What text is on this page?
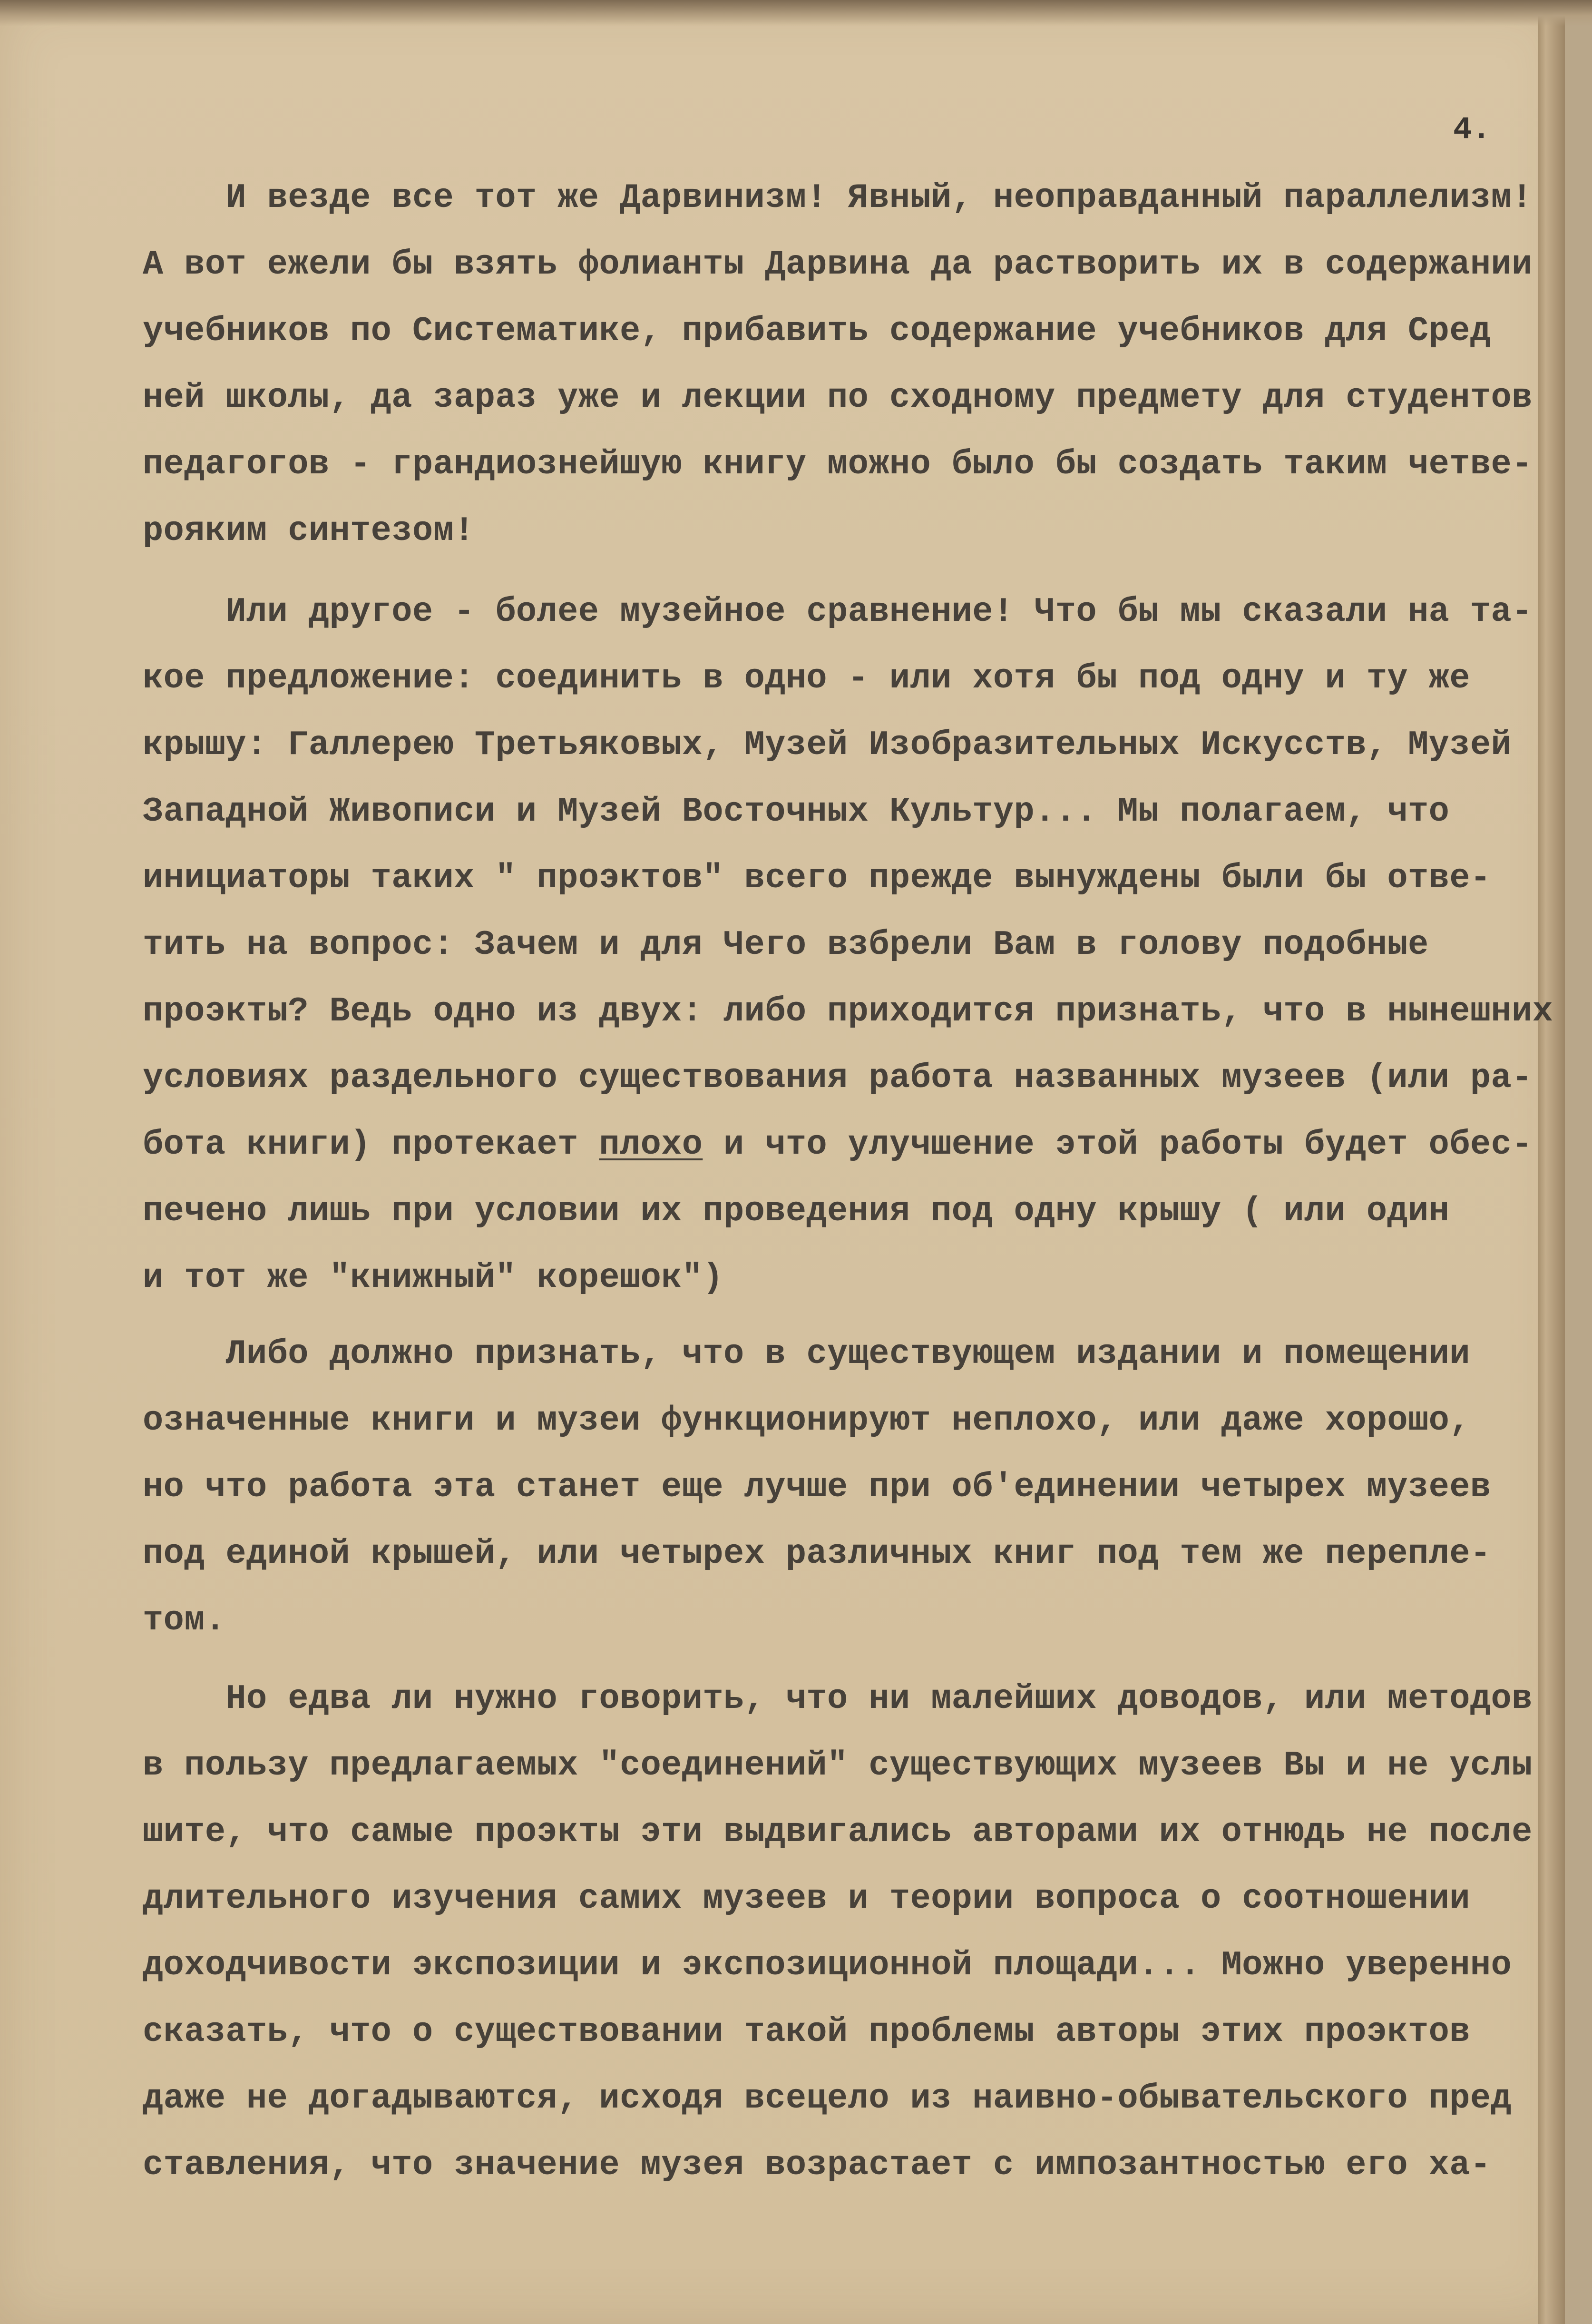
4.
И везде все тот же Дарвинизм! Явный, неоправданный параллелизм!
А вот ежели бы взять фолианты Дарвина да растворить их в содержании
учебников по Систематике, прибавить содержание учебников для Сред
ней школы, да зараз уже и лекции по сходному предмету для студентов
педагогов - грандиознейшую книгу можно было бы создать таким четве-
рояким синтезом!
Или другое - более музейное сравнение! Что бы мы сказали на та-
кое предложение: соединить в одно - или хотя бы под одну и ту же
крышу: Галлерею Третьяковых, Музей Изобразительных Искусств, Музей
Западной Живописи и Музей Восточных Культур... Мы полагаем, что
инициаторы таких " проэктов" всего прежде вынуждены были бы отве-
тить на вопрос: Зачем и для Чего взбрели Вам в голову подобные
проэкты? Ведь одно из двух: либо приходится признать, что в нынешних
условиях раздельного существования работа названных музеев (или ра-
бота книги) протекает плохо и что улучшение этой работы будет обес-
печено лишь при условии их проведения под одну крышу ( или один
и тот же "книжный" корешок")
Либо должно признать, что в существующем издании и помещении
означенные книги и музеи функционируют неплохо, или даже хорошо,
но что работа эта станет еще лучше при об'единении четырех музеев
под единой крышей, или четырех различных книг под тем же перепле-
том.
Но едва ли нужно говорить, что ни малейших доводов, или методов
в пользу предлагаемых "соединений" существующих музеев Вы и не услы
шите, что самые проэкты эти выдвигались авторами их отнюдь не после
длительного изучения самих музеев и теории вопроса о соотношении
доходчивости экспозиции и экспозиционной площади... Можно уверенно
сказать, что о существовании такой проблемы авторы этих проэктов
даже не догадываются, исходя всецело из наивно-обывательского пред
ставления, что значение музея возрастает с импозантностью его ха-
